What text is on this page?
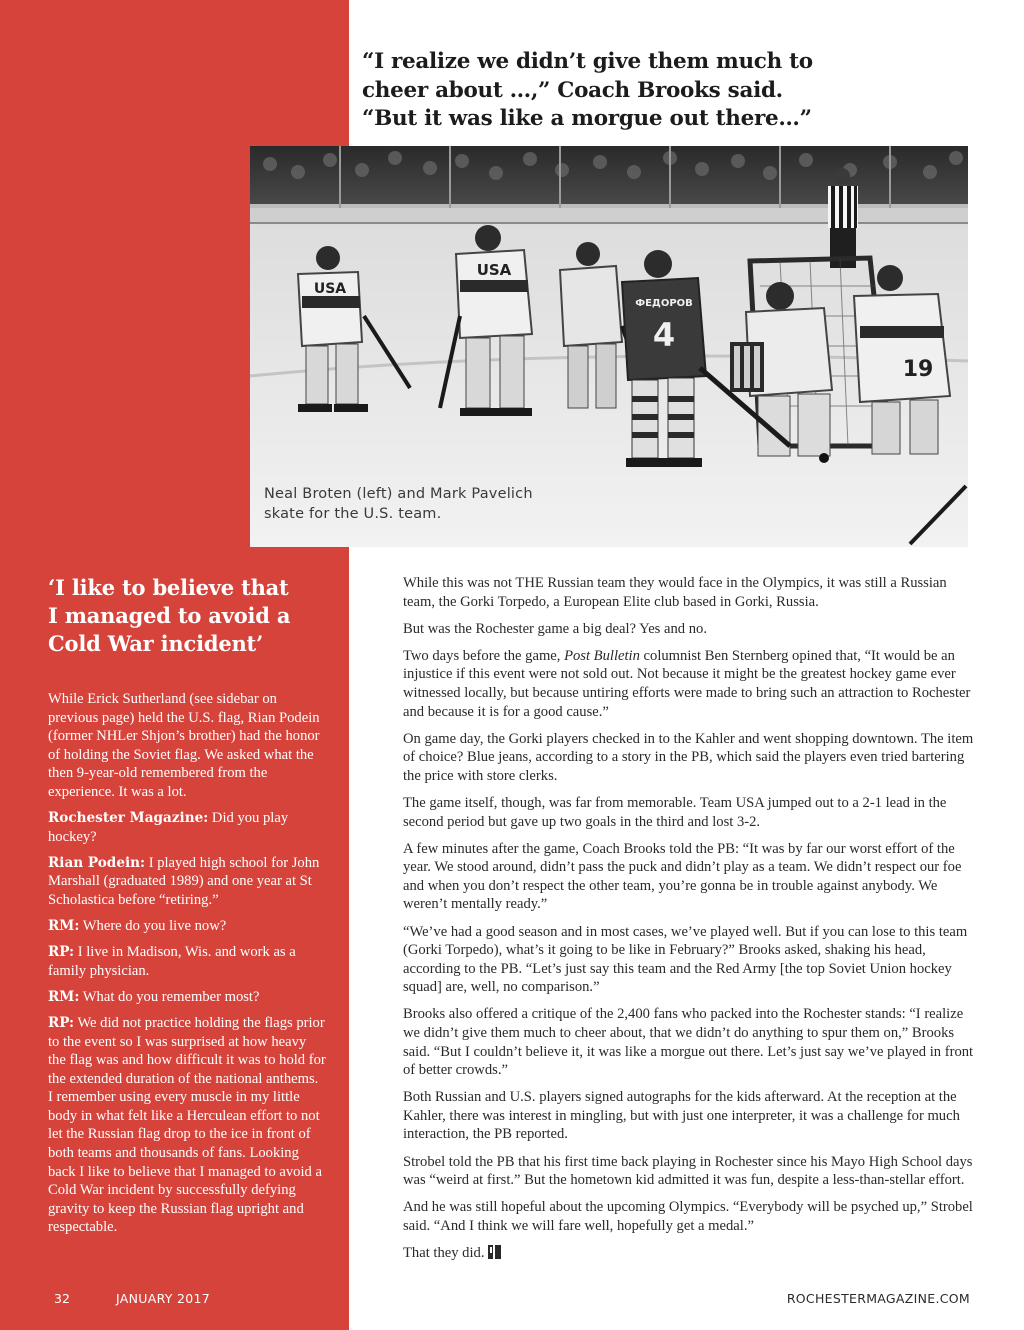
“I realize we didn’t give them much to
cheer about …,” Coach Brooks said.
“But it was like a morgue out there…”
USA
USA
ФЕДОРОВ
4
19
Neal Broten (left) and Mark Pavelich
skate for the U.S. team.
‘I like to believe that
I managed to avoid a
Cold War incident’

While Erick Sutherland (see sidebar on previous page) held the U.S. flag, Rian Podein (former NHLer Shjon’s brother) had the honor of holding the Soviet flag. We asked what the then 9-year-old remembered from the experience. It was a lot.

Rochester Magazine: Did you play hockey?

Rian Podein: I played high school for John Marshall (graduated 1989) and one year at St Scholastica before “retiring.”

RM: Where do you live now?

RP: I live in Madison, Wis. and work as a family physician.

RM: What do you remember most?

RP: We did not practice holding the flags prior to the event so I was surprised at how heavy the flag was and how difficult it was to hold for the extended duration of the national anthems. I remember using every muscle in my little body in what felt like a Herculean effort to not let the Russian flag drop to the ice in front of both teams and thousands of fans. Looking back I like to believe that I managed to avoid a Cold War incident by successfully defying gravity to keep the Russian flag upright and respectable.

While this was not THE Russian team they would face in the Olympics, it was still a Russian team, the Gorki Torpedo, a European Elite club based in Gorki, Russia.

But was the Rochester game a big deal? Yes and no.

Two days before the game, Post Bulletin columnist Ben Sternberg opined that, “It would be an injustice if this event were not sold out. Not because it might be the greatest hockey game ever witnessed locally, but because untiring efforts were made to bring such an attraction to Rochester and because it is for a good cause.”

On game day, the Gorki players checked in to the Kahler and went shopping downtown. The item of choice? Blue jeans, according to a story in the PB, which said the players even tried bartering the price with store clerks.

The game itself, though, was far from memorable. Team USA jumped out to a 2-1 lead in the second period but gave up two goals in the third and lost 3-2.

A few minutes after the game, Coach Brooks told the PB: “It was by far our worst effort of the year. We stood around, didn’t pass the puck and didn’t play as a team. We didn’t respect our foe and when you don’t respect the other team, you’re gonna be in trouble against anybody. We weren’t mentally ready.”

“We’ve had a good season and in most cases, we’ve played well. But if you can lose to this team (Gorki Torpedo), what’s it going to be like in February?” Brooks asked, shaking his head, according to the PB. “Let’s just say this team and the Red Army [the top Soviet Union hockey squad] are, well, no comparison.”

Brooks also offered a critique of the 2,400 fans who packed into the Rochester stands: “I realize we didn’t give them much to cheer about, that we didn’t do anything to spur them on,” Brooks said. “But I couldn’t believe it, it was like a morgue out there. Let’s just say we’ve played in front of better crowds.”

Both Russian and U.S. players signed autographs for the kids afterward. At the reception at the Kahler, there was interest in mingling, but with just one interpreter, it was a challenge for much interaction, the PB reported.

Strobel told the PB that his first time back playing in Rochester since his Mayo High School days was “weird at first.” But the hometown kid admitted it was fun, despite a less-than-stellar effort.

And he was still hopeful about the upcoming Olympics. “Everybody will be psyched up,” Strobel said. “And I think we will fare well, hopefully get a medal.”

That they did.

32	JANUARY 2017	ROCHESTERMAGAZINE.COM
